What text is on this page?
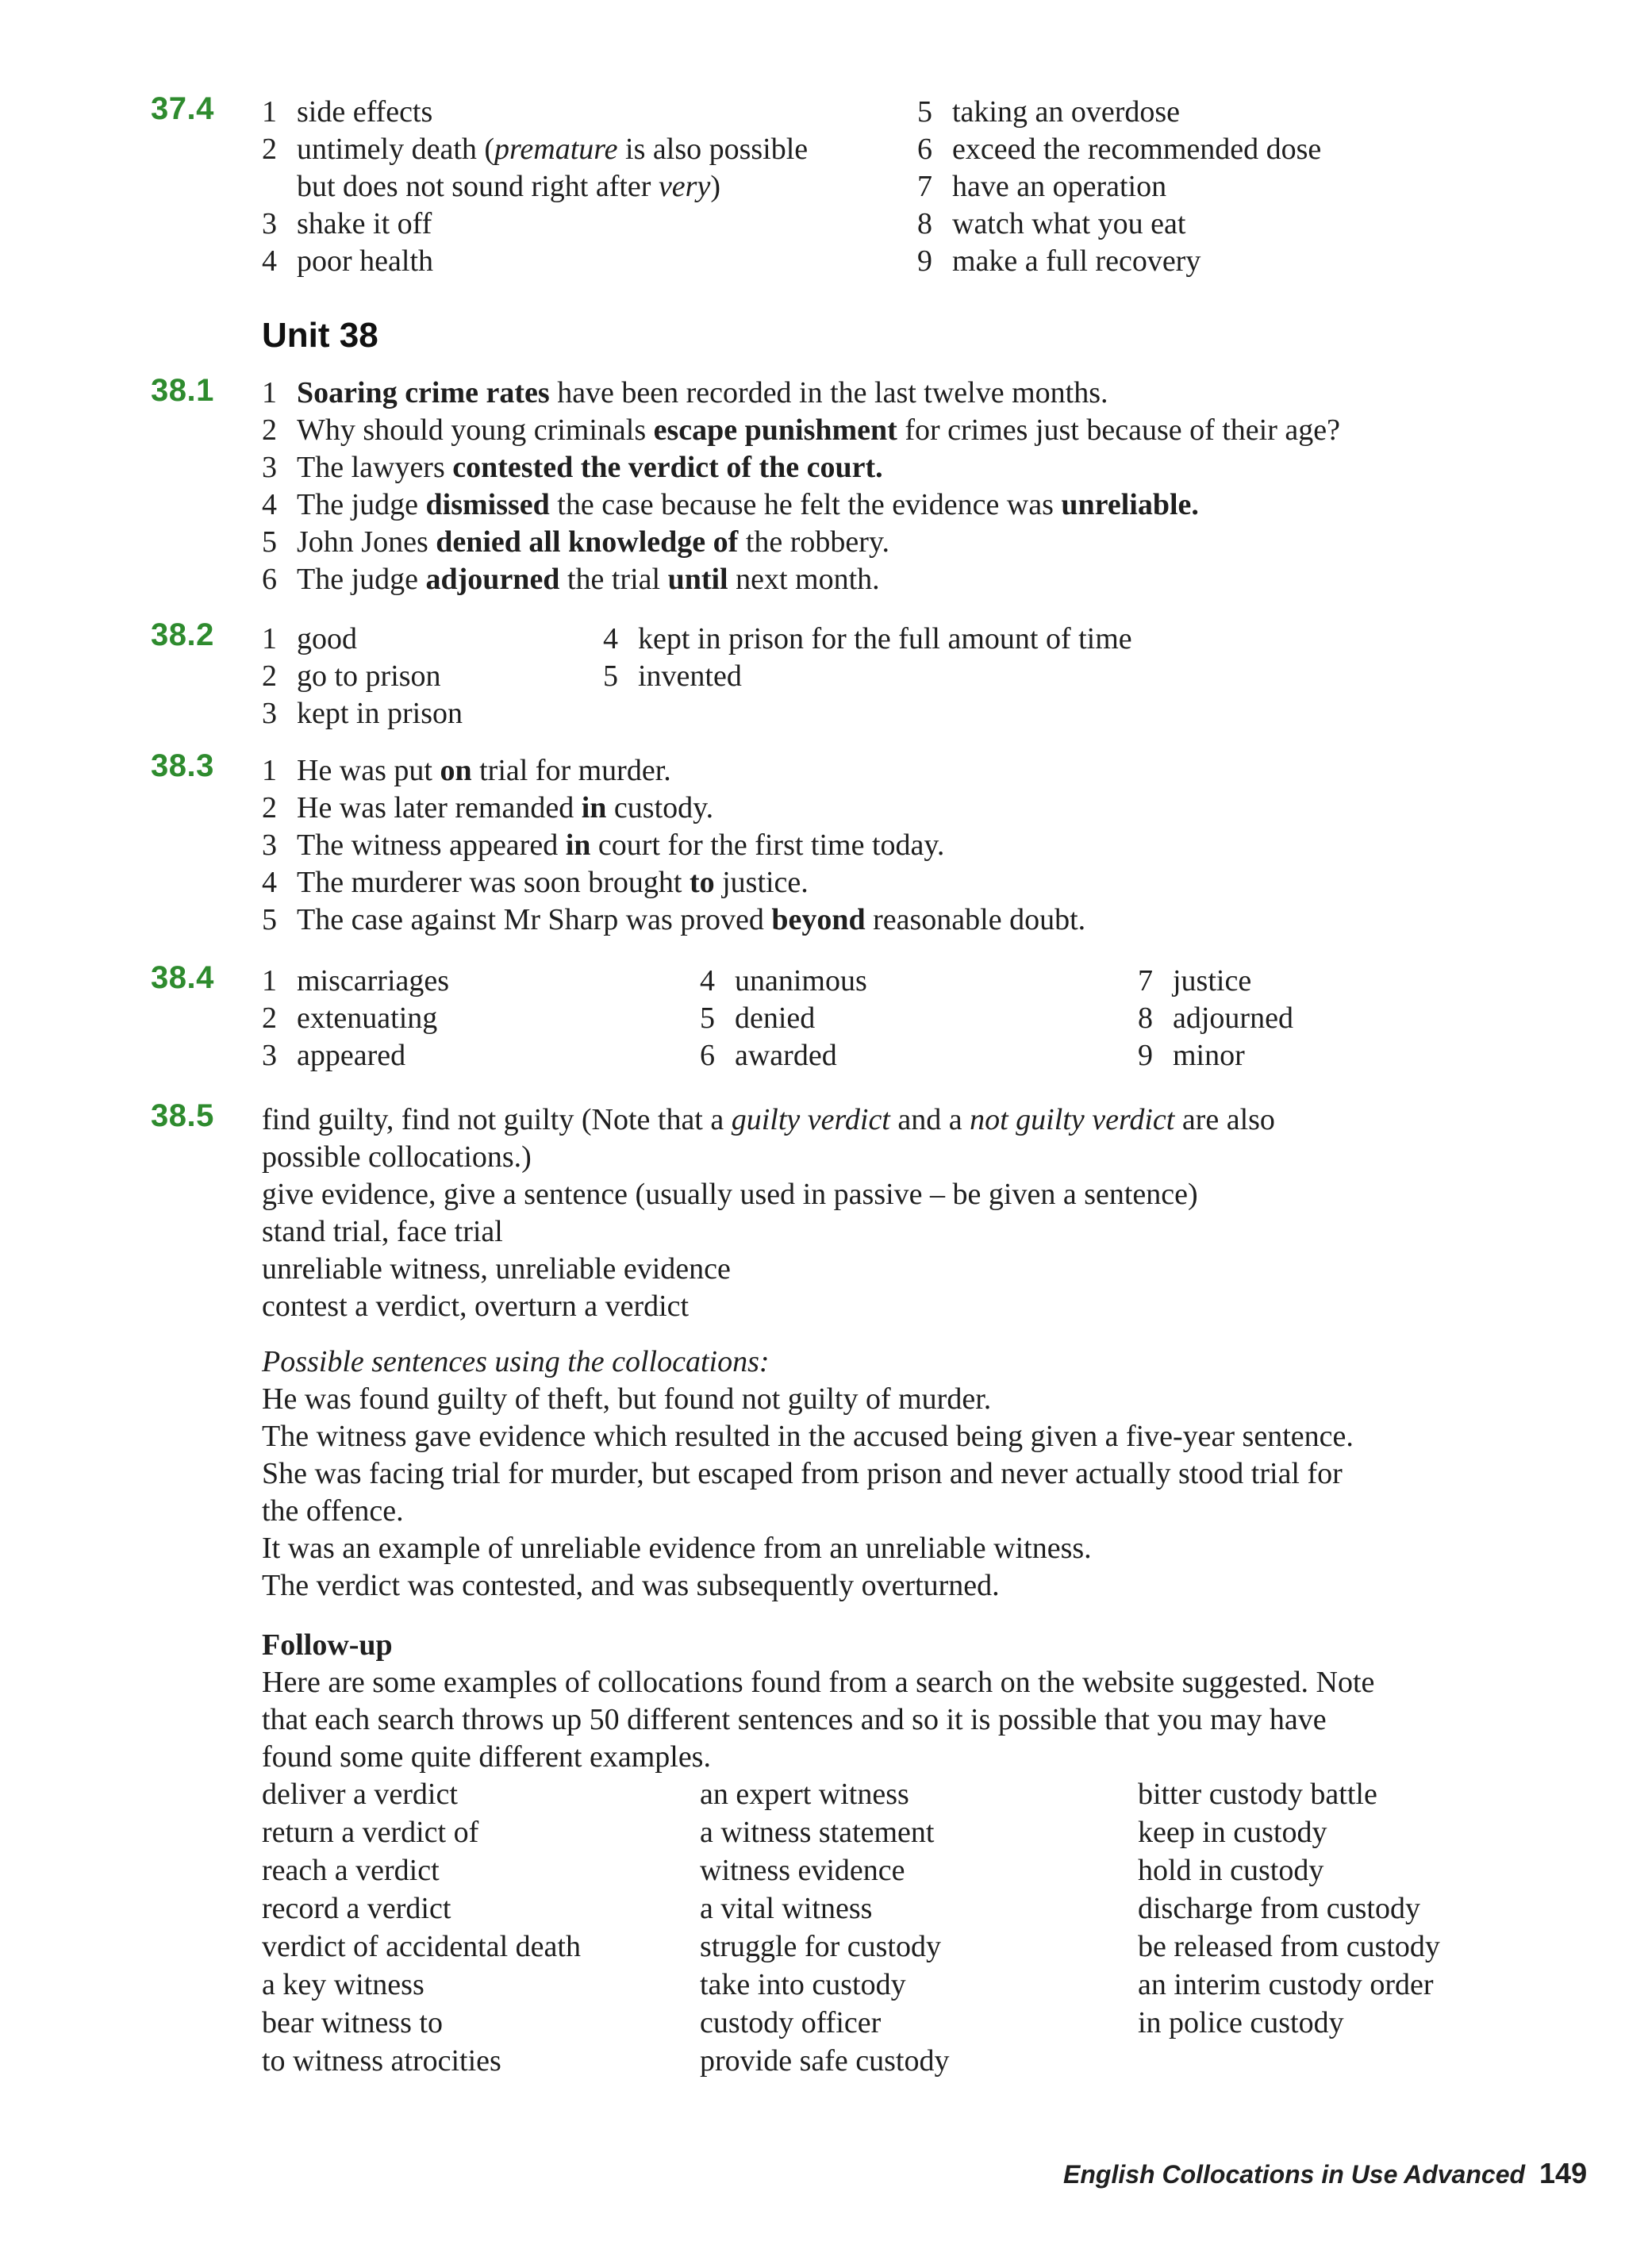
37.4 1 side effects
2 untimely death (premature is also possible
but does not sound right after very)
3 shake it off
4 poor health
5 taking an overdose
6 exceed the recommended dose
7 have an operation
8 watch what you eat
9 make a full recovery
Unit 38
38.1 1 Soaring crime rates have been recorded in the last twelve months.
2 Why should young criminals escape punishment for crimes just because of their age?
3 The lawyers contested the verdict of the court.
4 The judge dismissed the case because he felt the evidence was unreliable.
5 John Jones denied all knowledge of the robbery.
6 The judge adjourned the trial until next month.
38.2 1 good
2 go to prison
3 kept in prison
4 kept in prison for the full amount of time
5 invented
38.3 1 He was put on trial for murder.
2 He was later remanded in custody.
3 The witness appeared in court for the first time today.
4 The murderer was soon brought to justice.
5 The case against Mr Sharp was proved beyond reasonable doubt.
38.4 1 miscarriages
2 extenuating
3 appeared
4 unanimous
5 denied
6 awarded
7 justice
8 adjourned
9 minor
38.5 find guilty, find not guilty (Note that a guilty verdict and a not guilty verdict are also
possible collocations.)
give evidence, give a sentence (usually used in passive – be given a sentence)
stand trial, face trial
unreliable witness, unreliable evidence
contest a verdict, overturn a verdict
Possible sentences using the collocations:
He was found guilty of theft, but found not guilty of murder.
The witness gave evidence which resulted in the accused being given a five-year sentence.
She was facing trial for murder, but escaped from prison and never actually stood trial for
the offence.
It was an example of unreliable evidence from an unreliable witness.
The verdict was contested, and was subsequently overturned.
Follow-up
Here are some examples of collocations found from a search on the website suggested. Note
that each search throws up 50 different sentences and so it is possible that you may have
found some quite different examples.
deliver a verdict
return a verdict of
reach a verdict
record a verdict
verdict of accidental death
a key witness
bear witness to
to witness atrocities
an expert witness
a witness statement
witness evidence
a vital witness
struggle for custody
take into custody
custody officer
provide safe custody
bitter custody battle
keep in custody
hold in custody
discharge from custody
be released from custody
an interim custody order
in police custody
English Collocations in Use Advanced 149
